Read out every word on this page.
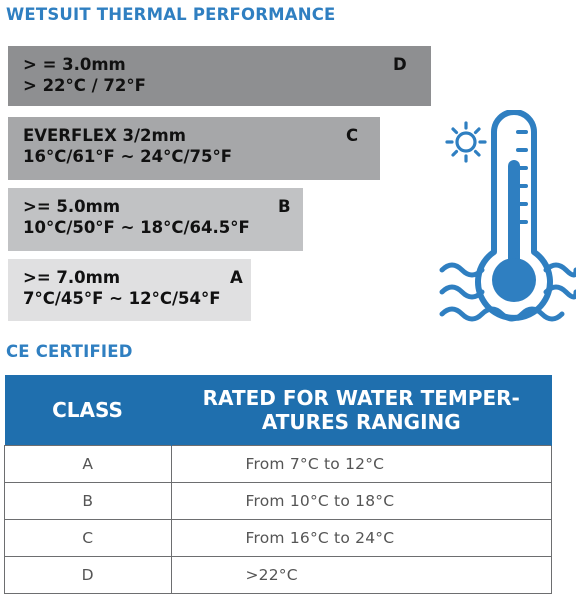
WETSUIT THERMAL PERFORMANCE
> = 3.0mm
> 22°C / 72°F
D
EVERFLEX 3/2mm
16°C/61°F ~ 24°C/75°F
C
>= 5.0mm
10°C/50°F ~ 18°C/64.5°F
B
>= 7.0mm
7°C/45°F ~ 12°C/54°F
A
CE CERTIFIED
CLASS	RATED FOR WATER TEMPER-
ATURES RANGING

A	From 7°C to 12°C
B	From 10°C to 18°C
C	From 16°C to 24°C
D	>22°C
